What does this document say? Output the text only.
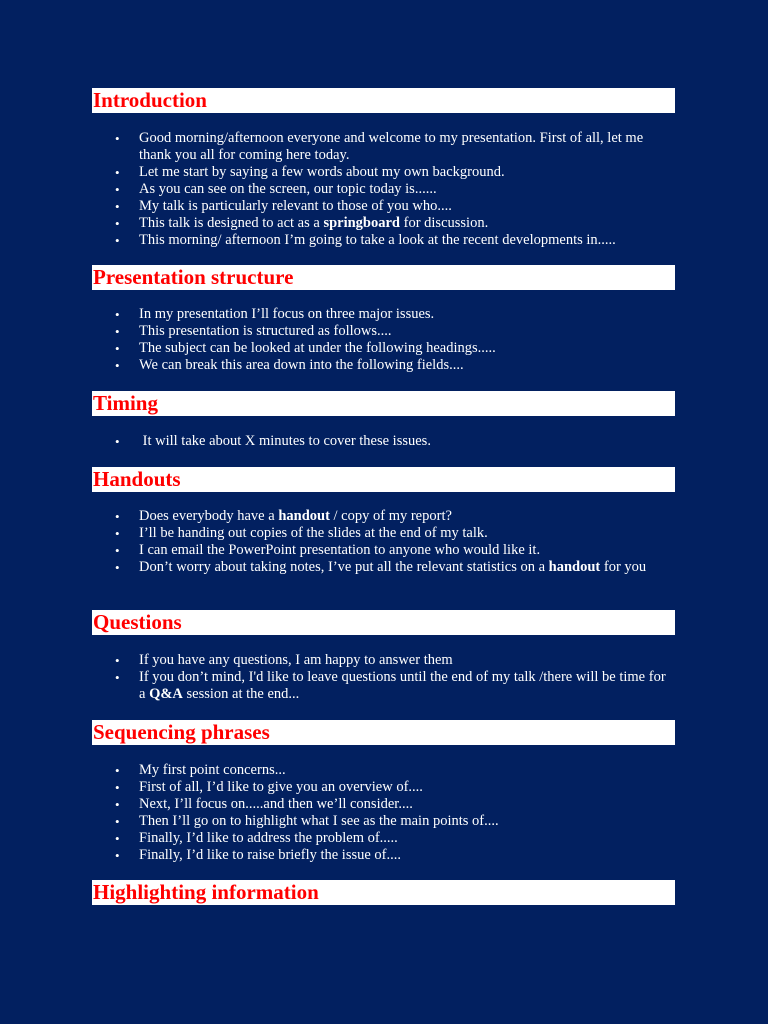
Introduction
• Good morning/afternoon everyone and welcome to my presentation. First of all, let me thank you all for coming here today.
• Let me start by saying a few words about my own background.
• As you can see on the screen, our topic today is......
• My talk is particularly relevant to those of you who....
• This talk is designed to act as a springboard for discussion.
• This morning/ afternoon I’m going to take a look at the recent developments in.....
Presentation structure
• In my presentation I’ll focus on three major issues.
• This presentation is structured as follows....
• The subject can be looked at under the following headings.....
• We can break this area down into the following fields....
Timing
•  It will take about X minutes to cover these issues.
Handouts
• Does everybody have a handout / copy of my report?
• I’ll be handing out copies of the slides at the end of my talk.
• I can email the PowerPoint presentation to anyone who would like it.
• Don’t worry about taking notes, I’ve put all the relevant statistics on a handout for you
Questions
• If you have any questions, I am happy to answer them
• If you don’t mind, I'd like to leave questions until the end of my talk /there will be time for a Q&A session at the end...
Sequencing phrases
• My first point concerns...
• First of all, I’d like to give you an overview of....
• Next, I’ll focus on.....and then we’ll consider....
• Then I’ll go on to highlight what I see as the main points of....
• Finally, I’d like to address the problem of.....
• Finally, I’d like to raise briefly the issue of....
Highlighting information
